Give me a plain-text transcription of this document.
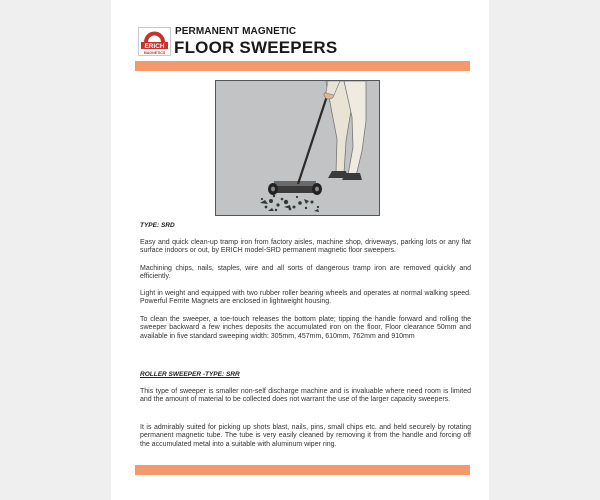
ERICH
MAGNETICS
PERMANENT MAGNETIC
FLOOR SWEEPERS
TYPE: SRD
Easy and quick clean-up tramp iron from factory aisles, machine shop, driveways, parking lots or any flat surface indoors or out, by ERICH model-SRD permanent magnetic floor sweepers.
Machining chips, nails, staples, wire and all sorts of dangerous tramp iron are removed quickly and efficiently.
Light in weight and equipped with two rubber roller bearing wheels and operates at normal walking speed. Powerful Ferrite Magnets are enclosed in lightweight housing.
To clean the sweeper, a toe-touch releases the bottom plate; tipping the handle forward and rolling the sweeper backward a few inches deposits the accumulated iron on the floor, Floor clearance 50mm and available in five standard sweeping width: 305mm, 457mm, 610mm, 762mm and 910mm
ROLLER SWEEPER -TYPE: SRR
This type of sweeper is smaller non-self discharge machine and is invaluable where need room is limited and the amount of material to be collected does not warrant the use of the larger capacity sweepers.
It is admirably suited for picking up shots blast, nails, pins, small chips etc. and held securely by rotating permanent magnetic tube. The tube is very easily cleaned by removing it from the handle and forcing off the accumulated metal into a suitable with aluminum wiper ring.
